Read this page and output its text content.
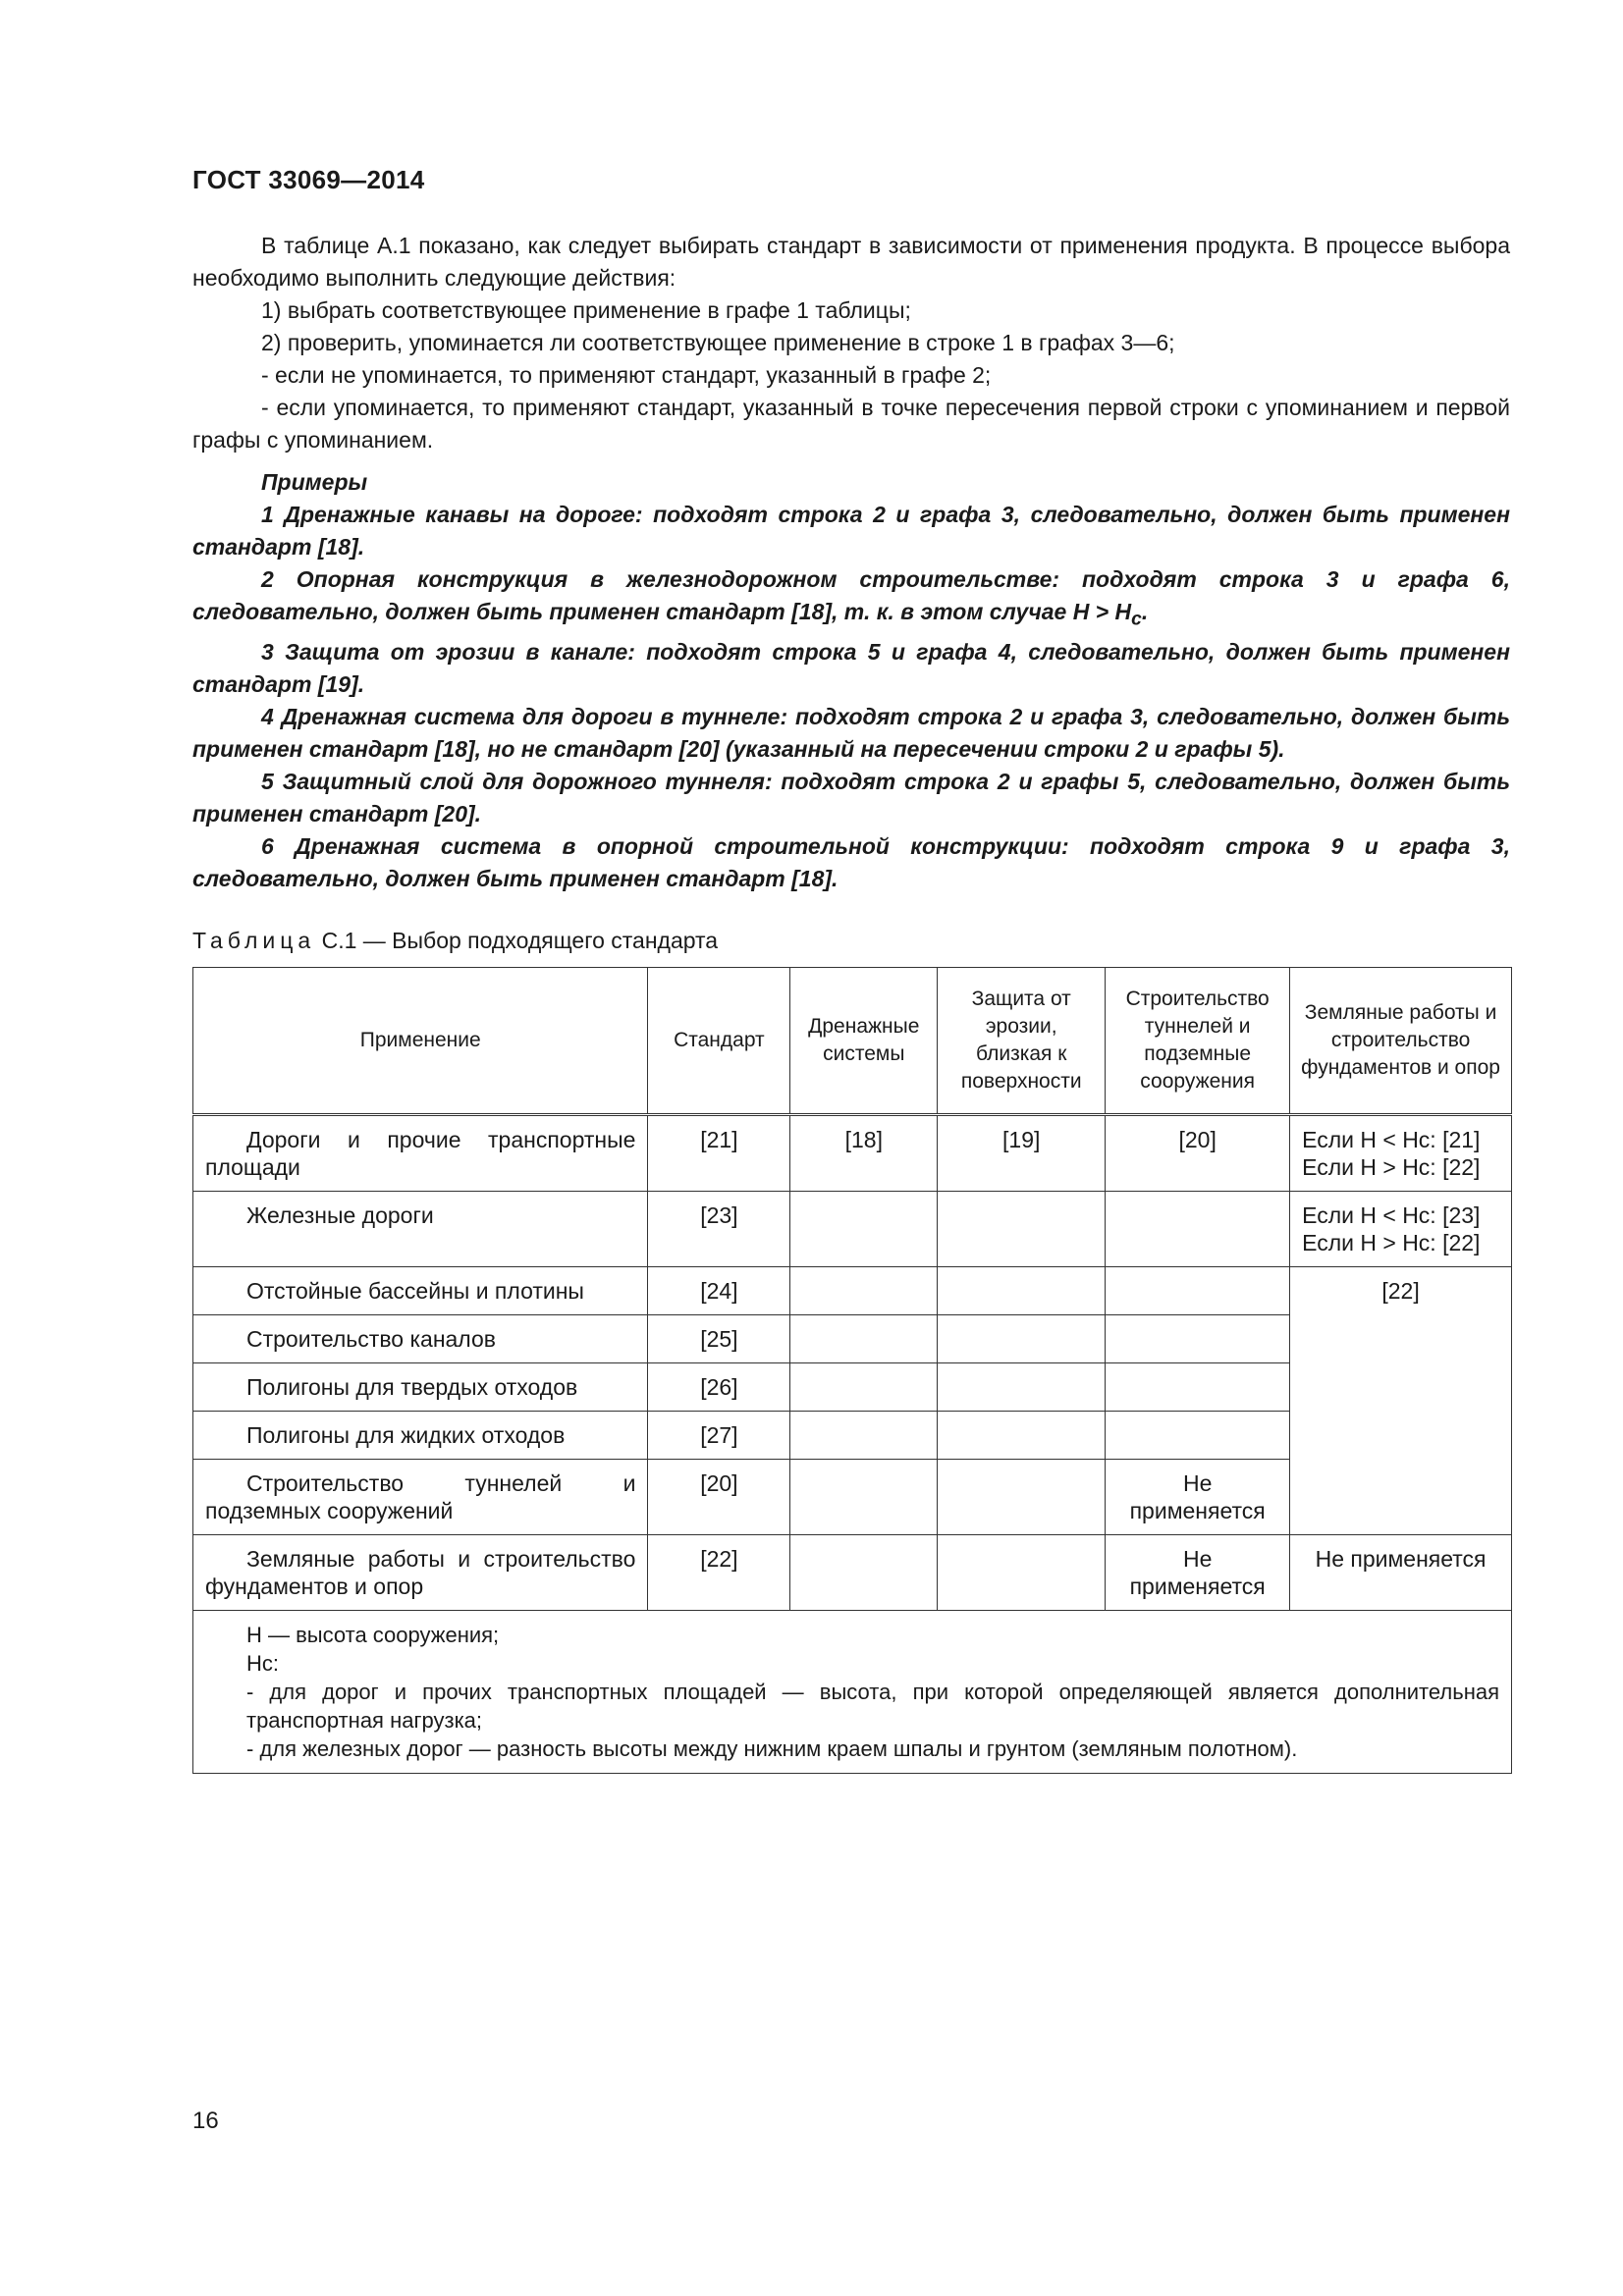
ГОСТ 33069—2014

В таблице А.1 показано, как следует выбирать стандарт в зависимости от применения продукта. В процессе выбора необходимо выполнить следующие действия:

1) выбрать соответствующее применение в графе 1 таблицы;

2) проверить, упоминается ли соответствующее применение в строке 1 в графах 3—6;

- если не упоминается, то применяют стандарт, указанный в графе 2;

- если упоминается, то применяют стандарт, указанный в точке пересечения первой строки с упоминанием и первой графы с упоминанием.

Примеры

1 Дренажные канавы на дороге: подходят строка 2 и графа 3, следовательно, должен быть применен стандарт [18].

2 Опорная конструкция в железнодорожном строительстве: подходят строка 3 и графа 6, следовательно, должен быть применен стандарт [18], т. к. в этом случае $H > H_c$.

3 Защита от эрозии в канале: подходят строка 5 и графа 4, следовательно, должен быть применен стандарт [19].

4 Дренажная система для дороги в туннеле: подходят строка 2 и графа 3, следовательно, должен быть применен стандарт [18], но не стандарт [20] (указанный на пересечении строки 2 и графы 5).

5 Защитный слой для дорожного туннеля: подходят строка 2 и графы 5, следовательно, должен быть применен стандарт [20].

6 Дренажная система в опорной строительной конструкции: подходят строка 9 и графа 3, следовательно, должен быть применен стандарт [18].

Таблица С.1 — Выбор подходящего стандарта
Применение	Стандарт	Дренажные системы	Защита от эрозии, близкая к поверхности	Строительство туннелей и подземные сооружения	Земляные работы и строительство фундаментов и опор

Дороги и прочие транспортные площади	[21]	[18]	[19]	[20]	Если H < Hc: [21]
Если H > Hc: [22]

Железные дороги	[23]				Если H < Hc: [23]
Если H > Hc: [22]

Отстойные бассейны и плотины	[24]				[22]

Строительство каналов	[25]				

Полигоны для твердых отходов	[26]				

Полигоны для жидких отходов	[27]				

Строительство туннелей и подземных сооружений	[20]			Не применяется	

Земляные работы и строительство фундаментов и опор	[22]			Не применяется	Не применяется

H — высота сооружения;

Hc:

- для дорог и прочих транспортных площадей — высота, при которой определяющей является дополнительная транспортная нагрузка;

- для железных дорог — разность высоты между нижним краем шпалы и грунтом (земляным полотном).					

16
